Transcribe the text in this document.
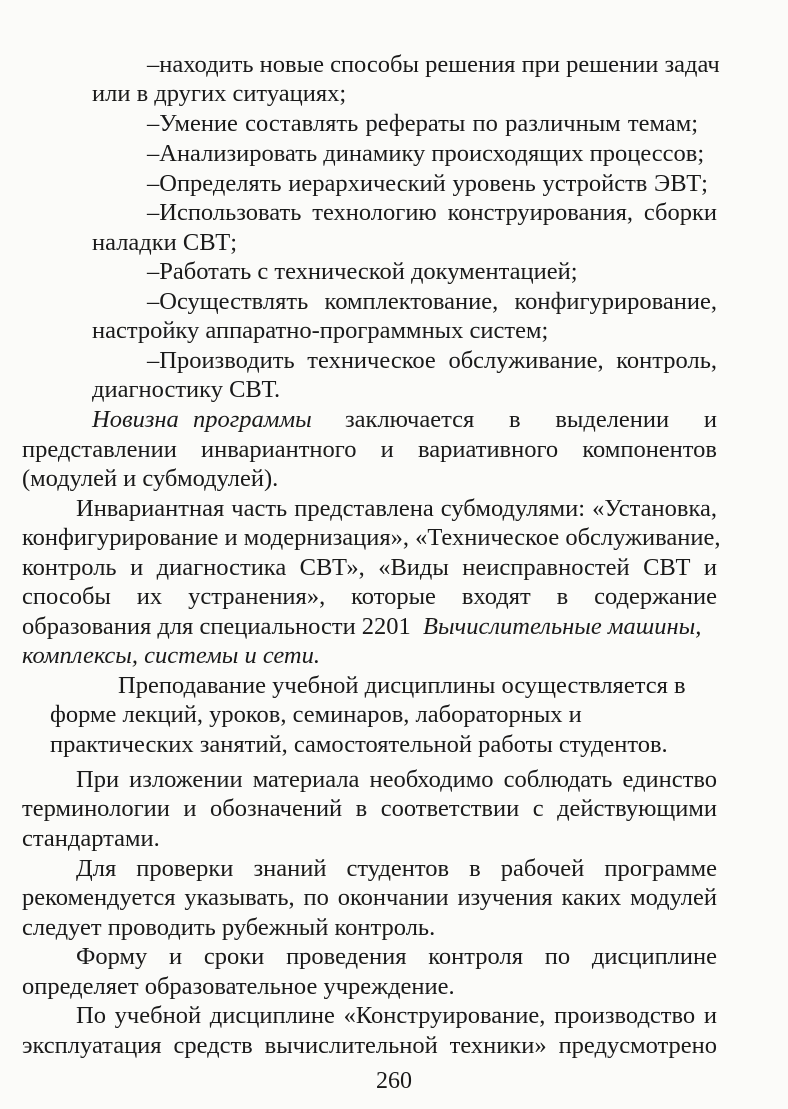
–находить новые способы решения при решении задач
или в других ситуациях;
–Умение составлять рефераты по различным темам;
–Анализировать динамику происходящих процессов;
–Определять иерархический уровень устройств ЭВТ;
–Использовать технологию конструирования, сборки
наладки СВТ;
–Работать с технической документацией;
–Осуществлять комплектование, конфигурирование,
настройку аппаратно-программных систем;
–Производить техническое обслуживание, контроль,
диагностику СВТ.
Новизна программы заключается в выделении и
представлении инвариантного и вариативного компонентов
(модулей и субмодулей).
Инвариантная часть представлена субмодулями: «Установка,
конфигурирование и модернизация», «Техническое обслуживание,
контроль и диагностика СВТ», «Виды неисправностей СВТ и
способы их устранения», которые входят в содержание
образования для специальности 2201 Вычислительные машины,
комплексы, системы и сети.
Преподавание учебной дисциплины осуществляется в
форме лекций, уроков, семинаров, лабораторных и
практических занятий, самостоятельной работы студентов.
При изложении материала необходимо соблюдать единство
терминологии и обозначений в соответствии с действующими
стандартами.
Для проверки знаний студентов в рабочей программе
рекомендуется указывать, по окончании изучения каких модулей
следует проводить рубежный контроль.
Форму и сроки проведения контроля по дисциплине
определяет образовательное учреждение.
По учебной дисциплине «Конструирование, производство и
эксплуатация средств вычислительной техники» предусмотрено
260
